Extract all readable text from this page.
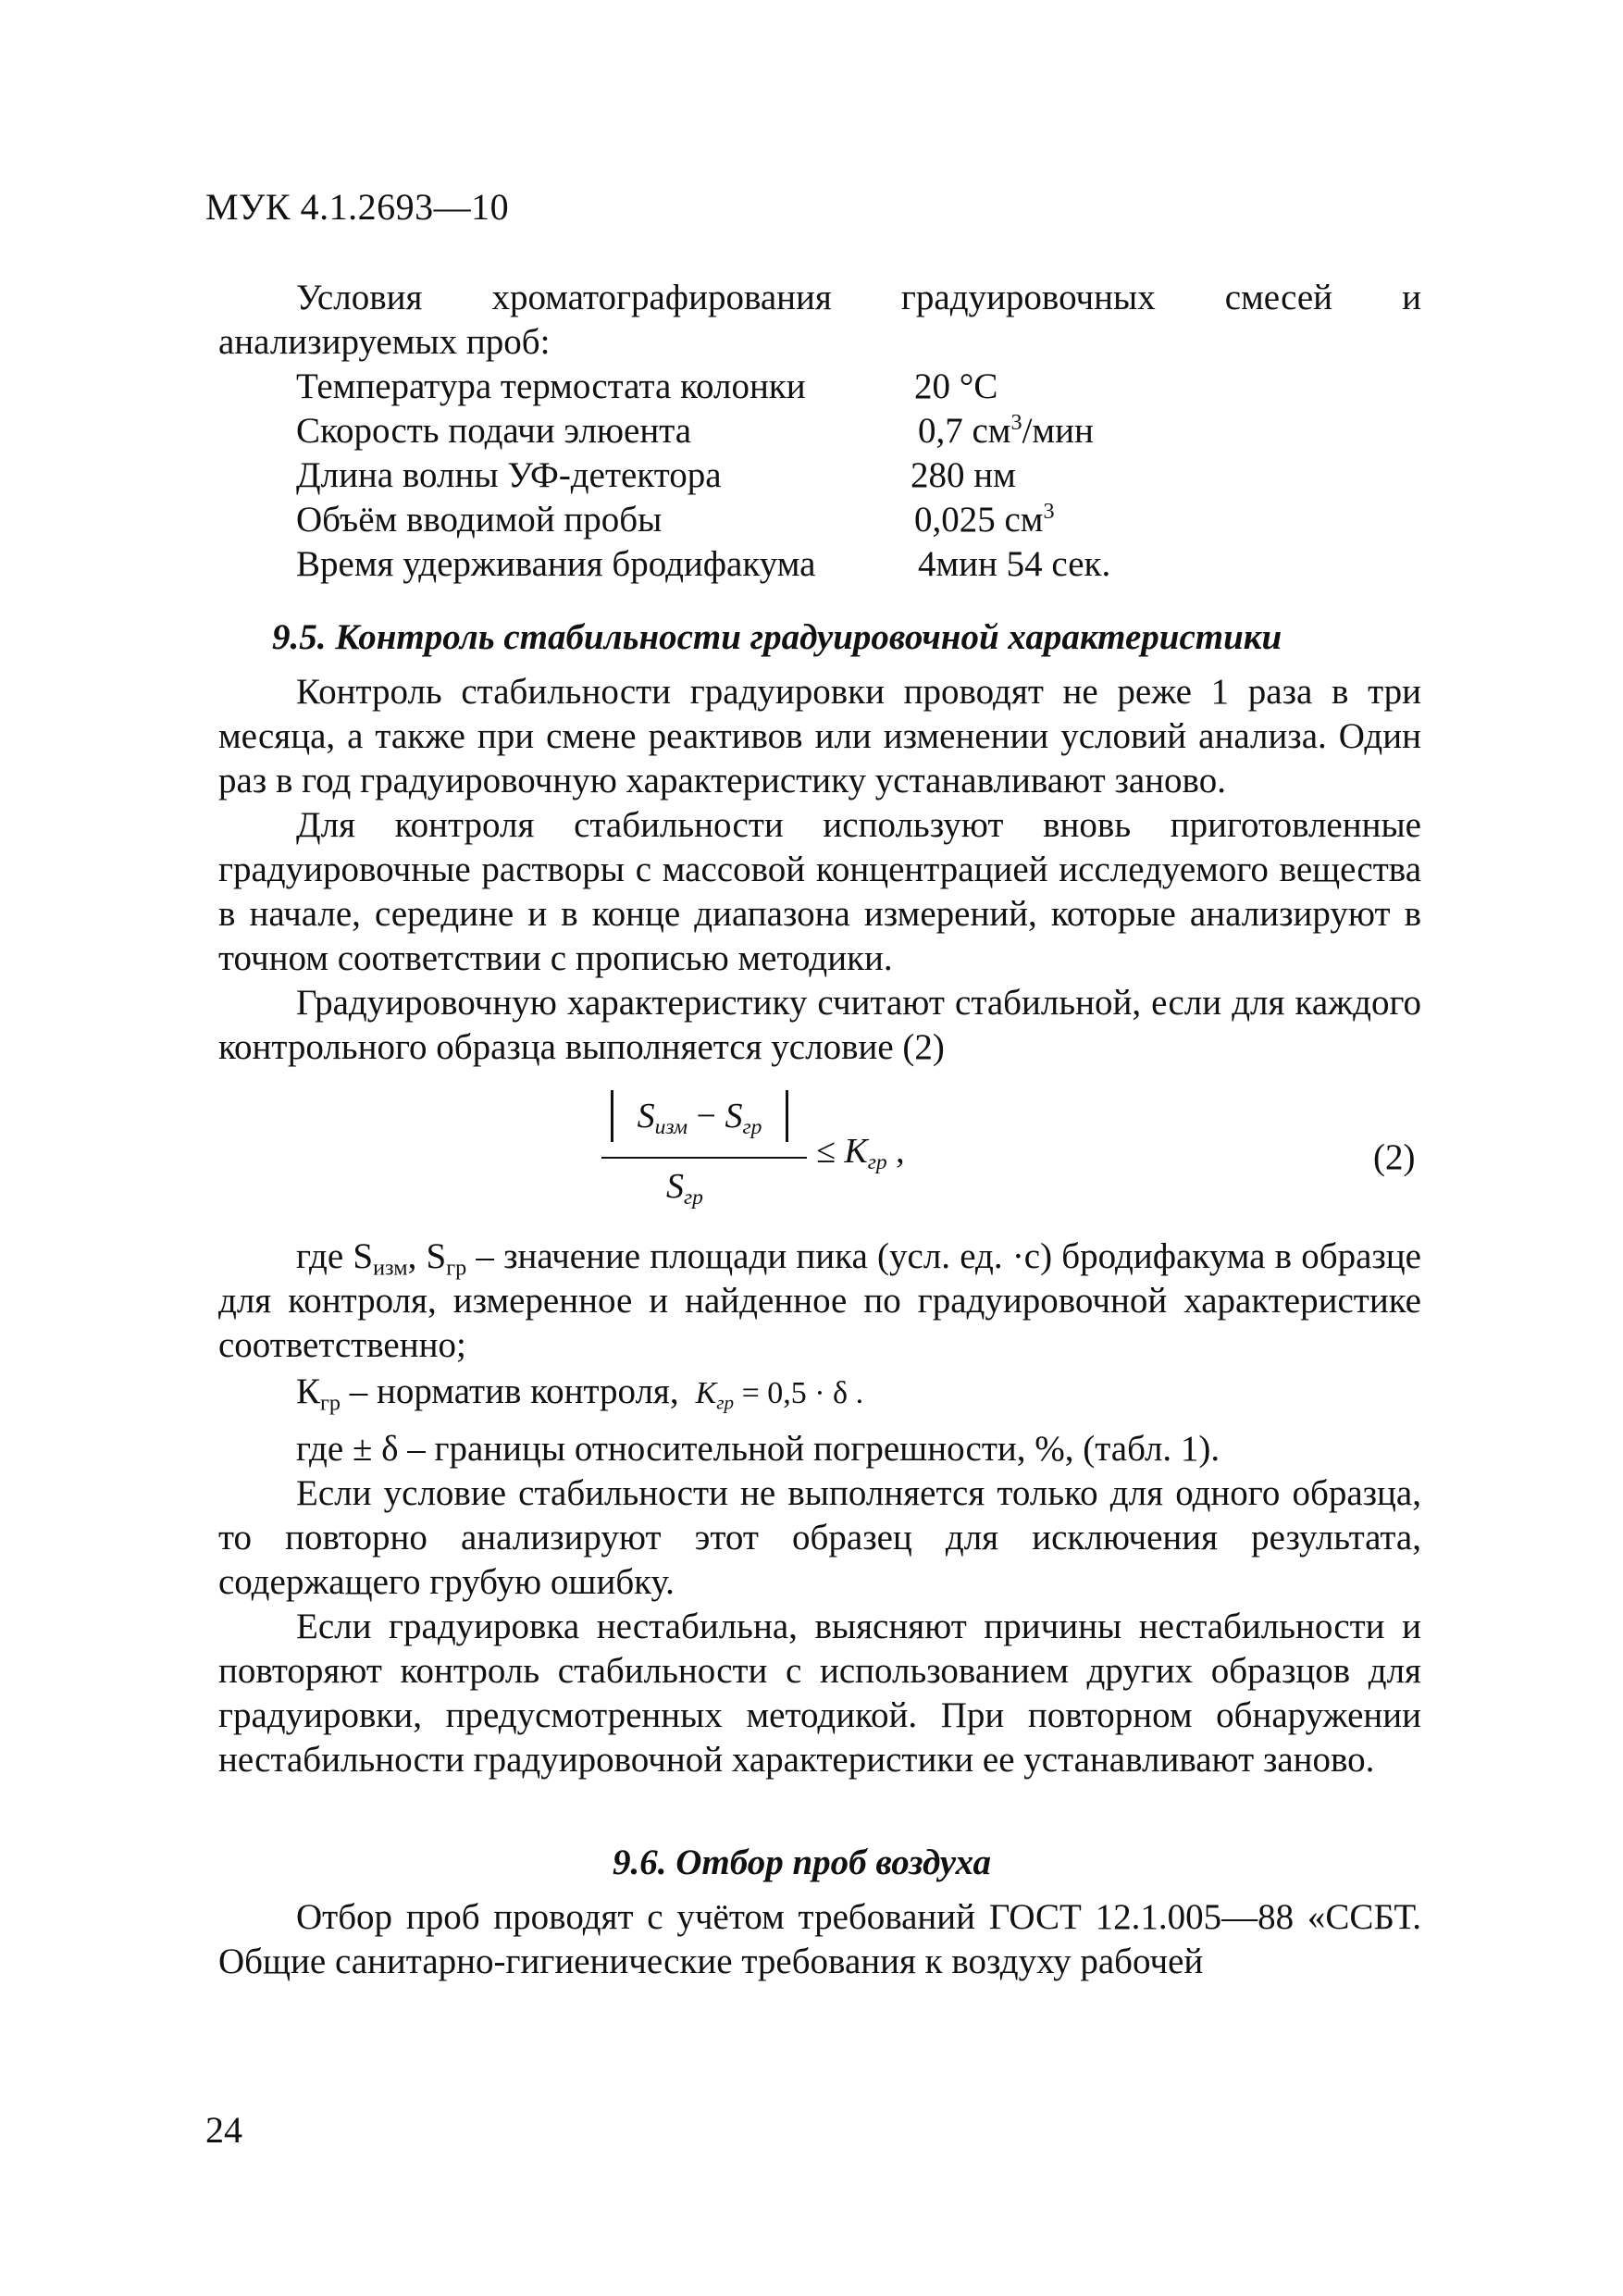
МУК 4.1.2693—10

Условия хроматографирования градуировочных смесей и анализируемых проб:

Температура термостата колонки	20 °C
Скорость подачи элюента	0,7 $см^3$/мин
Длина волны УФ-детектора	280 нм
Объём вводимой пробы	0,025 $см^3$
Время удерживания бродифакума	4мин 54 сек.
9.5. Контроль стабильности градуировочной характеристики

Контроль стабильности градуировки проводят не реже 1 раза в три месяца, а также при смене реактивов или изменении условий анализа. Один раз в год градуировочную характеристику устанавливают заново.

Для контроля стабильности используют вновь приготовленные градуировочные растворы с массовой концентрацией исследуемого вещества в начале, середине и в конце диапазона измерений, которые анализируют в точном соответствии с прописью методики.

Градуировочную характеристику считают стабильной, если для каждого контрольного образца выполняется условие (2)

$S_{изм} - S_{гр}$
$S_{гр}$
≤ $K_{гр}$ ,	(2)

где $S_{изм}$, $S_{гр}$ – значение площади пика (усл. ед. ·c) бродифакума в образце для контроля, измеренное и найденное по градуировочной характеристике соответственно;

$К_{гр}$ – норматив контроля, $K_{гр} = 0,5 \cdot \delta$ .

где ± δ – границы относительной погрешности, %, (табл. 1).

Если условие стабильности не выполняется только для одного образца, то повторно анализируют этот образец для исключения результата, содержащего грубую ошибку.

Если градуировка нестабильна, выясняют причины нестабильности и повторяют контроль стабильности с использованием других образцов для градуировки, предусмотренных методикой. При повторном обнаружении нестабильности градуировочной характеристики ее устанавливают заново.

9.6. Отбор проб воздуха

Отбор проб проводят с учётом требований ГОСТ 12.1.005—88 «ССБТ. Общие санитарно-гигиенические требования к воздуху рабочей

24
